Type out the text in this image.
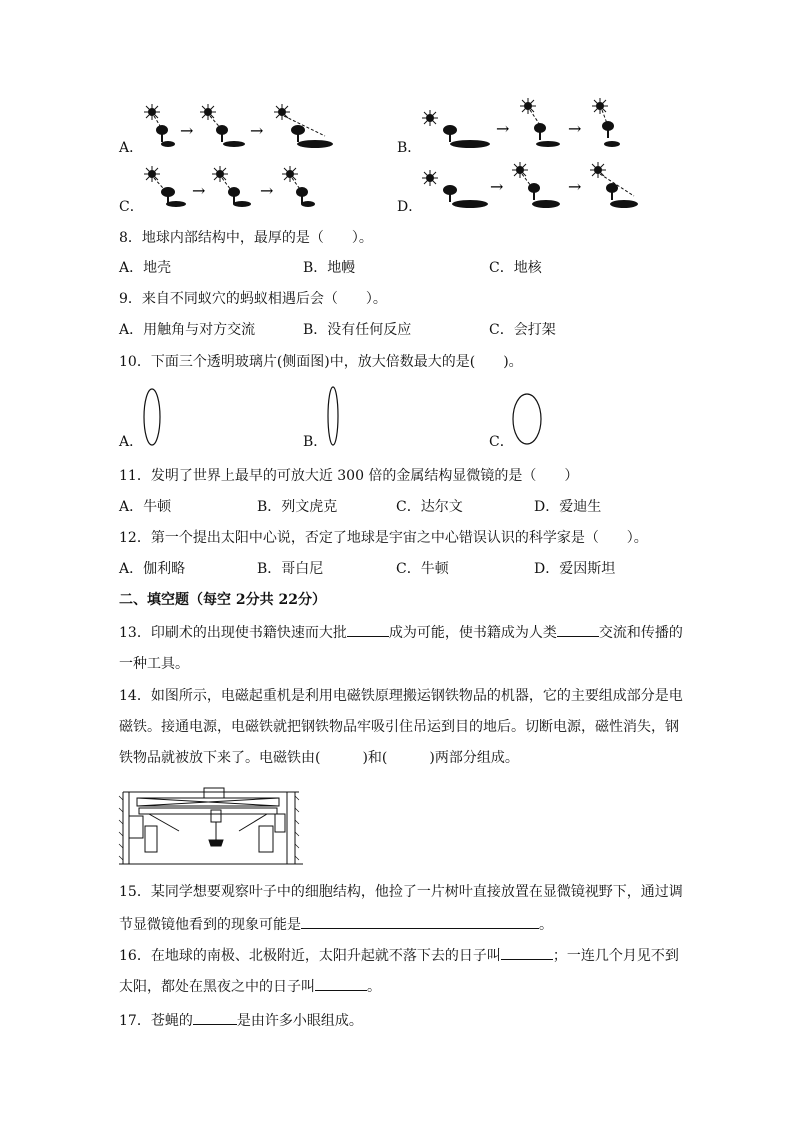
A．
→	→
B．
→	→
C．
→	→
D．
→	→
8．地球内部结构中，最厚的是（　　）。
A．地壳	B．地幔	C．地核
9．来自不同蚁穴的蚂蚁相遇后会（　　）。
A．用触角与对方交流	B．没有任何反应	C．会打架
10．下面三个透明玻璃片(侧面图)中，放大倍数最大的是(　　)。
A．	B．	C．
11．发明了世界上最早的可放大近 300 倍的金属结构显微镜的是（　　）
A．牛顿	B．列文虎克	C．达尔文	D．爱迪生
12．第一个提出太阳中心说，否定了地球是宇宙之中心错误认识的科学家是（　　）。
A．伽利略	B．哥白尼	C．牛顿	D．爱因斯坦
二、填空题（每空 2分共 22分）
13．印刷术的出现使书籍快速而大批	成为可能，使书籍成为人类	交流和传播的
一种工具。
14．如图所示，电磁起重机是利用电磁铁原理搬运钢铁物品的机器，它的主要组成部分是电
磁铁。接通电源，电磁铁就把钢铁物品牢吸引住吊运到目的地后。切断电源，磁性消失，钢
铁物品就被放下来了。电磁铁由(　　　)和(　　　)两部分组成。
15．某同学想要观察叶子中的细胞结构，他捡了一片树叶直接放置在显微镜视野下，通过调
节显微镜他看到的现象可能是	。
16．在地球的南极、北极附近，太阳升起就不落下去的日子叫	；一连几个月见不到
太阳，都处在黑夜之中的日子叫	。
17．苍蝇的	是由许多小眼组成。
